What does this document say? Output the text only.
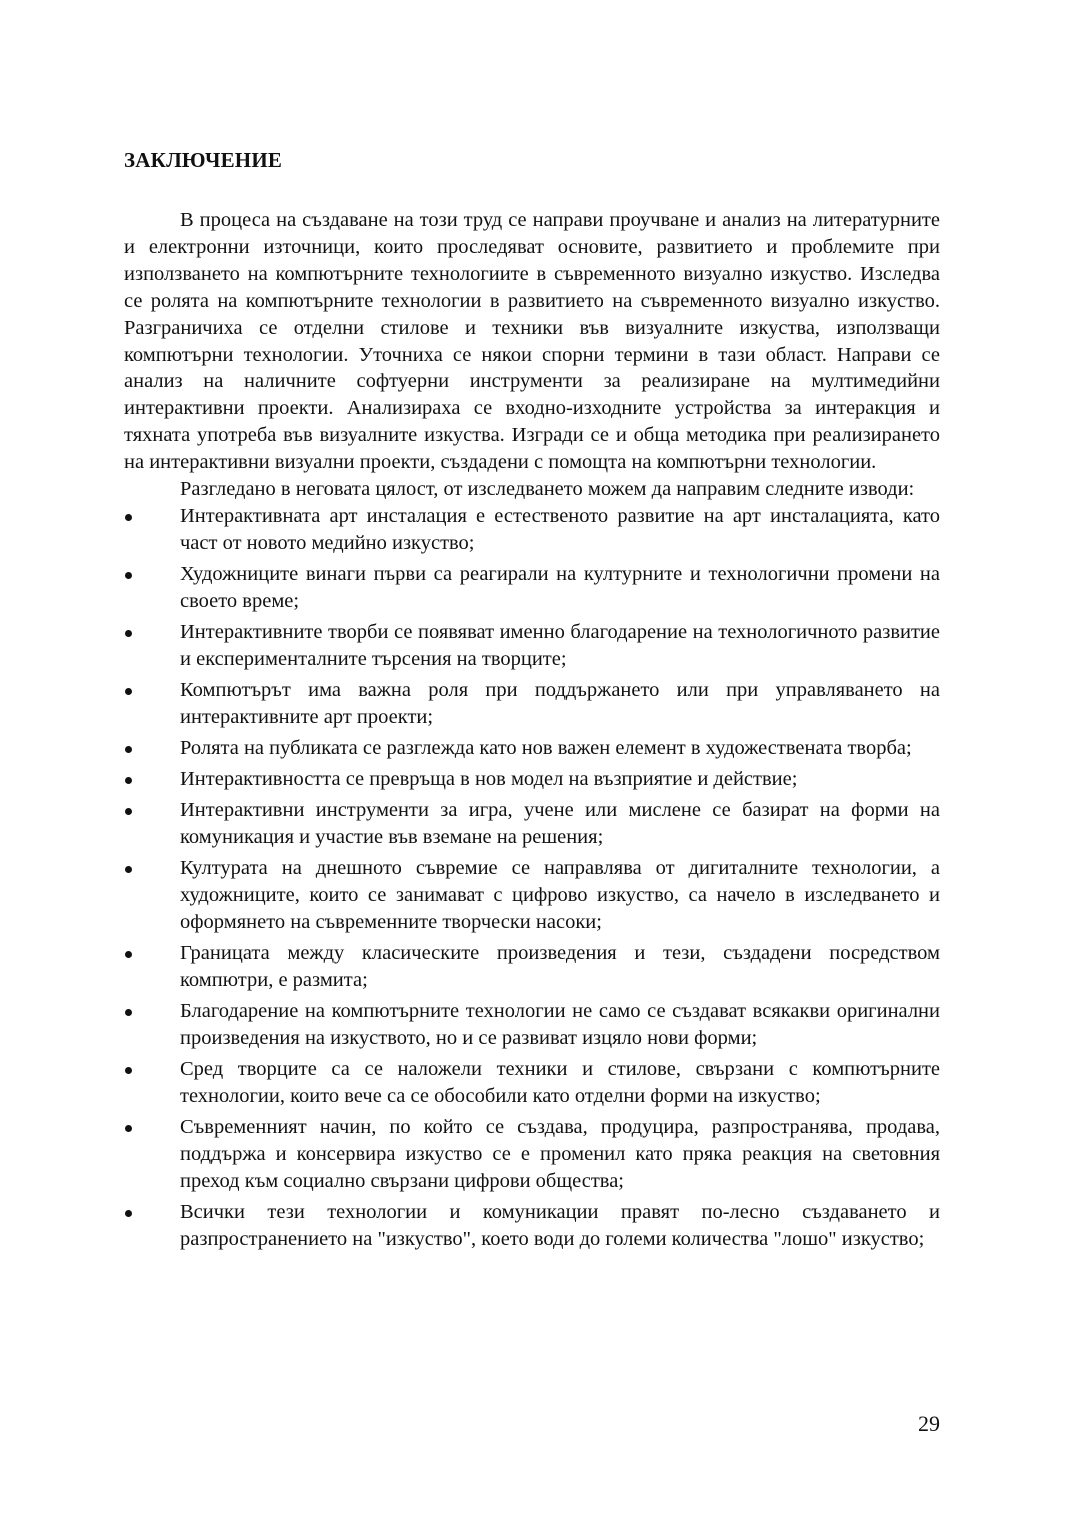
ЗАКЛЮЧЕНИЕ

В процеса на създаване на този труд се направи проучване и анализ на литературните и електронни източници, които проследяват основите, развитието и проблемите при използването на компютърните технологиите в съвременното визуално изкуство. Изследва се ролята на компютърните технологии в развитието на съвременното визуално изкуство. Разграничиха се отделни стилове и техники във визуалните изкуства, използващи компютърни технологии. Уточниха се някои спорни термини в тази област. Направи се анализ на наличните софтуерни инструменти за реализиране на мултимедийни интерактивни проекти. Анализираха се входно-изходните устройства за интеракция и тяхната употреба във визуалните изкуства. Изгради се и обща методика при реализирането на интерактивни визуални проекти, създадени с помощта на компютърни технологии.

Разгледано в неговата цялост, от изследването можем да направим следните изводи:

Интерактивната арт инсталация е естественото развитие на арт инсталацията, като част от новото медийно изкуство;
Художниците винаги първи са реагирали на културните и технологични промени на своето време;
Интерактивните творби се появяват именно благодарение на технологичното развитие и експерименталните търсения на творците;
Компютърът има важна роля при поддържането или при управляването на интерактивните арт проекти;
Ролята на публиката се разглежда като нов важен елемент в художествената творба;
Интерактивността се превръща в нов модел на възприятие и действие;
Интерактивни инструменти за игра, учене или мислене се базират на форми на комуникация и участие във вземане на решения;
Културата на днешното съвремие се направлява от дигиталните технологии, а художниците, които се занимават с цифрово изкуство, са начело в изследването и оформянето на съвременните творчески насоки;
Границата между класическите произведения и тези, създадени посредством компютри, е размита;
Благодарение на компютърните технологии не само се създават всякакви оригинални произведения на изкуството, но и се развиват изцяло нови форми;
Сред творците са се наложели техники и стилове, свързани с компютърните технологии, които вече са се обособили като отделни форми на изкуство;
Съвременният начин, по който се създава, продуцира, разпространява, продава, поддържа и консервира изкуство се е променил като пряка реакция на световния преход към социално свързани цифрови общества;
Всички тези технологии и комуникации правят по-лесно създаването и разпространението на "изкуство", което води до големи количества "лошо" изкуство;
29
